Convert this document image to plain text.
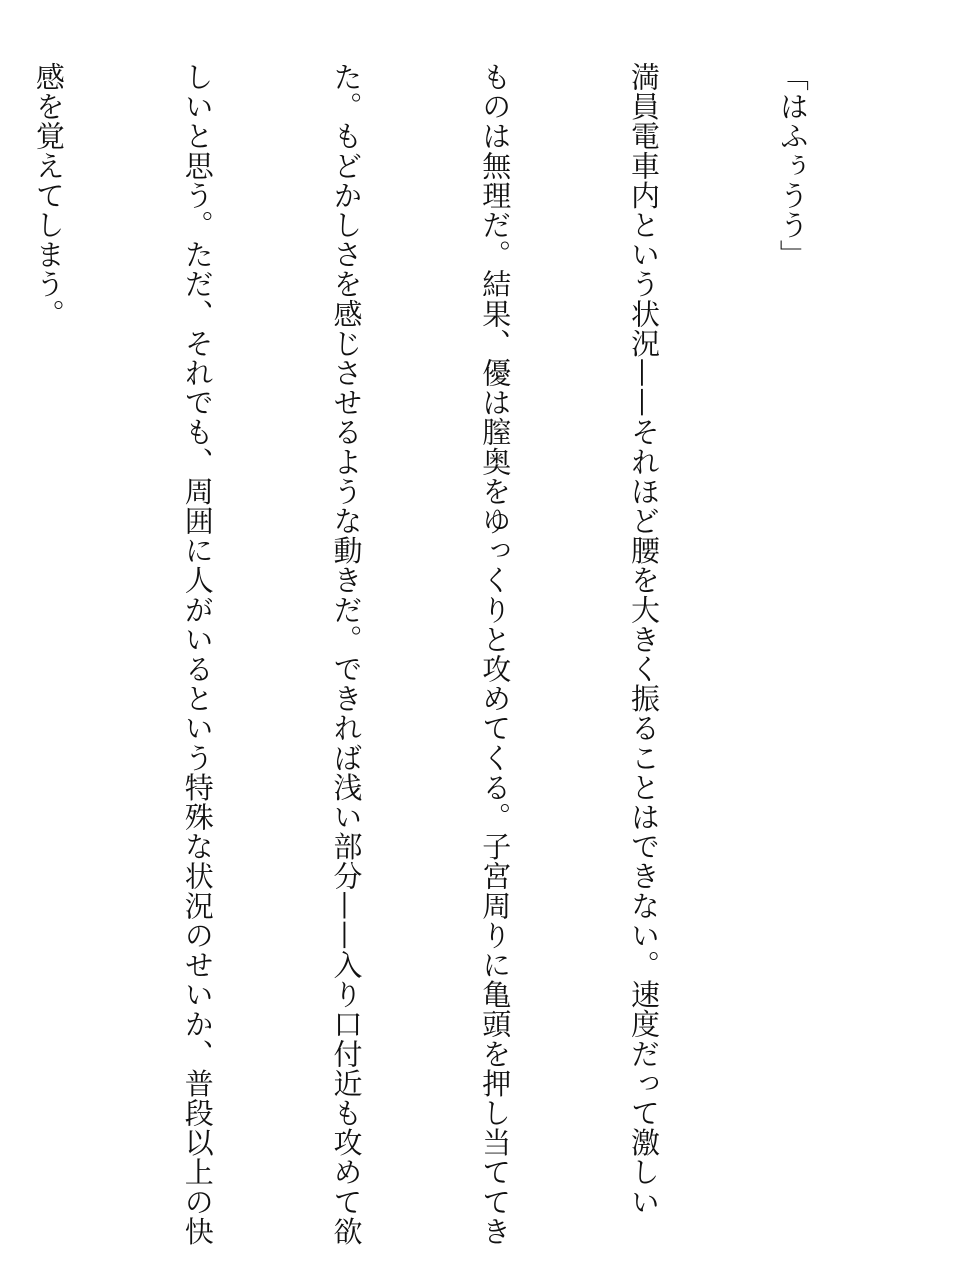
「はふぅうう」

満員電車内という状況——それほど腰を大きく振ることはできない。速度だって激しい

ものは無理だ。結果、優は膣奥をゆっくりと攻めてくる。子宮周りに亀頭を押し当ててき

た。もどかしさを感じさせるような動きだ。できれば浅い部分——入り口付近も攻めて欲

しいと思う。ただ、それでも、周囲に人がいるという特殊な状況のせいか、普段以上の快

感を覚えてしまう。
